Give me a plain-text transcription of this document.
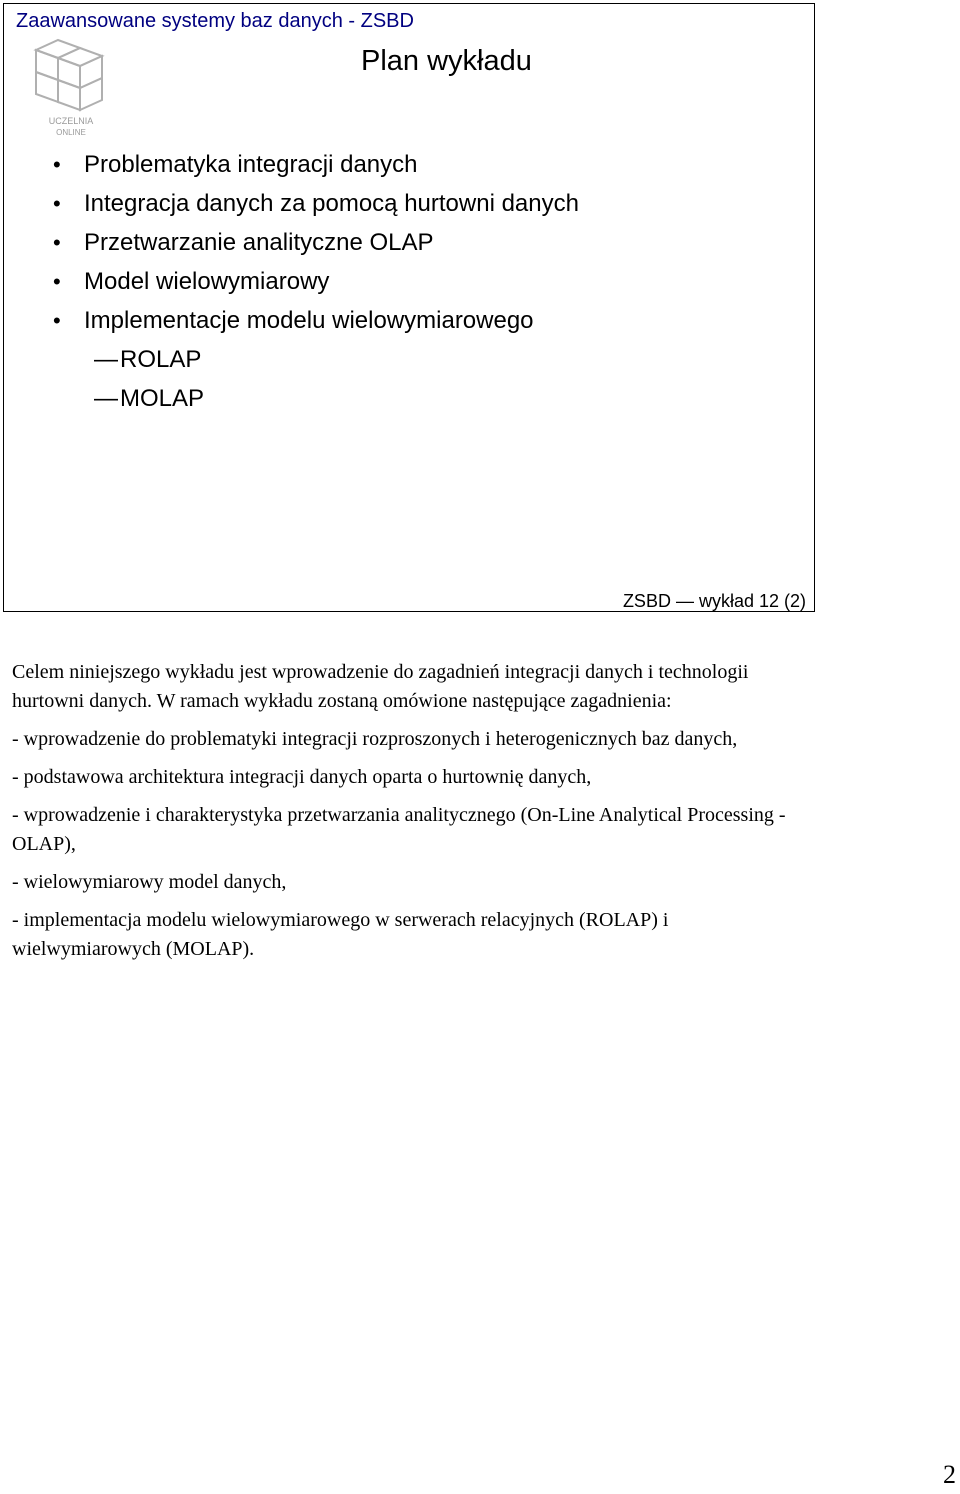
Zaawansowane systemy baz danych - ZSBD
UCZELNIA
ONLINE
Plan wykładu
• Problematyka integracji danych
• Integracja danych za pomocą hurtowni danych
• Przetwarzanie analityczne OLAP
• Model wielowymiarowy
• Implementacje modelu wielowymiarowego
— ROLAP
— MOLAP
ZSBD — wykład 12 (2)

Celem niniejszego wykładu jest wprowadzenie do zagadnień integracji danych i technologii hurtowni danych. W ramach wykładu zostaną omówione następujące zagadnienia:

- wprowadzenie do problematyki integracji rozproszonych i heterogenicznych baz danych,

- podstawowa architektura integracji danych oparta o hurtownię danych,

- wprowadzenie i charakterystyka przetwarzania analitycznego (On-Line Analytical Processing - OLAP),

- wielowymiarowy model danych,

- implementacja modelu wielowymiarowego w serwerach relacyjnych (ROLAP) i wielwymiarowych (MOLAP).

2
